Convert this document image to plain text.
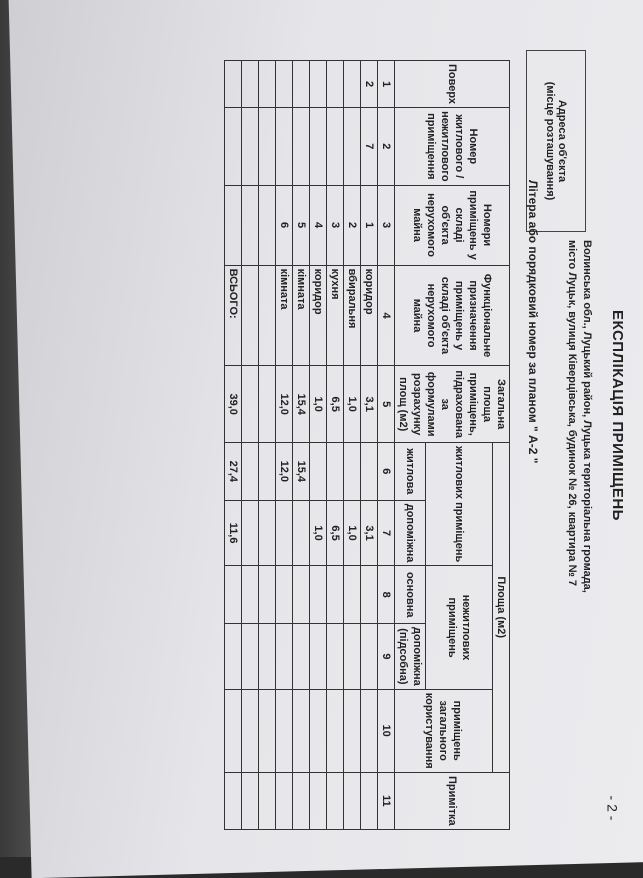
ЕКСПЛІКАЦІЯ ПРИМІЩЕНЬ
Адреса об'єкта
(місце розташування)
Волинська обл., Луцький район, Луцька територіальна громада,
місто Луцьк, вулиця Ківерцівська, будинок № 26, квартира № 7
Літера або порядковий номер за планом " А-2 "
Поверх	Номер житлового / нежитлового приміщення	Номери приміщень у складі об'єкта нерухомого майна	Функціональне призначення приміщень у складі об'єкта нерухомого майна	Загальна площа приміщень, підрахована за формулами розрахунку площ (м2)	Площа (м2)					Примітка
					житлових приміщень		нежитлових приміщень		приміщень загального користування	
					житлова	допоміжна	основна	допоміжна (підсобна)		
1	2	3	4	5	6	7	8	9	10	11
2	7	1	коридор	3,1		3,1				
		2	вбиральня	1,0		1,0				
		3	кухня	6,5		6,5				
		4	коридор	1,0		1,0				
		5	кімната	15,4	15,4					
		6	кімната	12,0	12,0					

			ВСЬОГО:	39,0	27,4	11,6				
- 2 -
